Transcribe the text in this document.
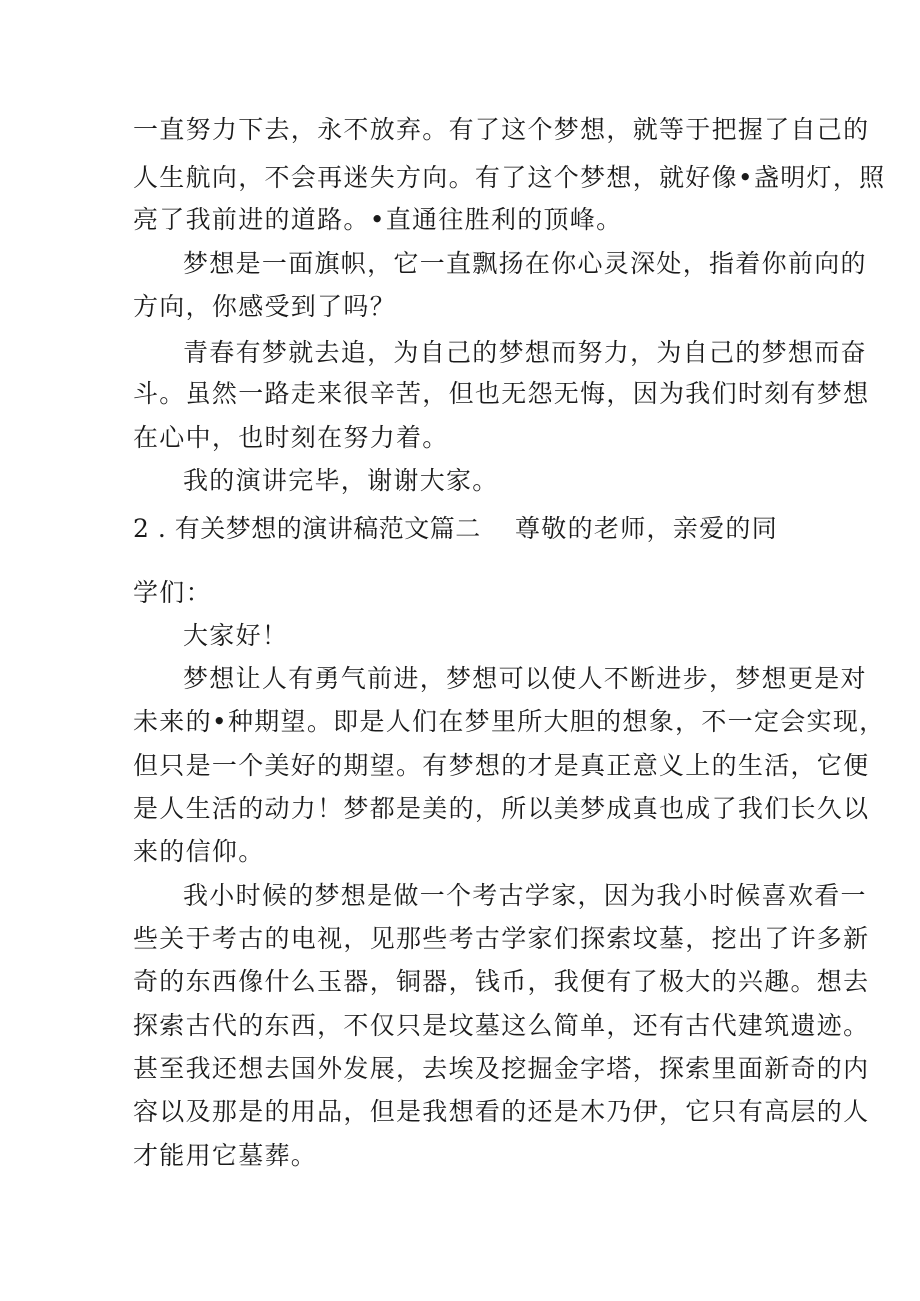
一直努力下去，永不放弃。有了这个梦想，就等于把握了自己的
人生航向，不会再迷失方向。有了这个梦想，就好像•盏明灯，照
亮了我前进的道路。•直通往胜利的顶峰。
梦想是一面旗帜，它一直飘扬在你心灵深处，指着你前向的
方向，你感受到了吗？
青春有梦就去追，为自己的梦想而努力，为自己的梦想而奋
斗。虽然一路走来很辛苦，但也无怨无悔，因为我们时刻有梦想
在心中，也时刻在努力着。
我的演讲完毕，谢谢大家。
2 . 有关梦想的演讲稿范文篇二 尊敬的老师，亲爱的同
学们：
大家好！
梦想让人有勇气前进，梦想可以使人不断进步，梦想更是对
未来的•种期望。即是人们在梦里所大胆的想象，不一定会实现，
但只是一个美好的期望。有梦想的才是真正意义上的生活，它便
是人生活的动力！梦都是美的，所以美梦成真也成了我们长久以
来的信仰。
我小时候的梦想是做一个考古学家，因为我小时候喜欢看一
些关于考古的电视，见那些考古学家们探索坟墓，挖出了许多新
奇的东西像什么玉器，铜器，钱币，我便有了极大的兴趣。想去
探索古代的东西，不仅只是坟墓这么简单，还有古代建筑遗迹。
甚至我还想去国外发展，去埃及挖掘金字塔，探索里面新奇的内
容以及那是的用品，但是我想看的还是木乃伊，它只有高层的人
才能用它墓葬。
